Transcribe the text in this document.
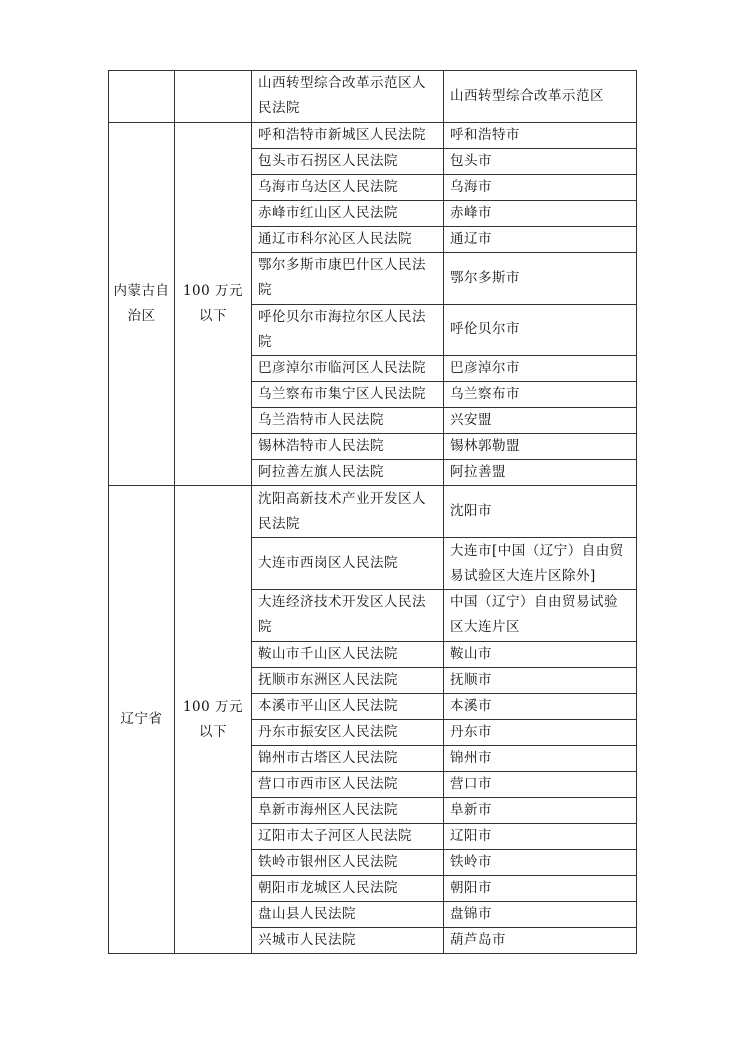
		山西转型综合改革示范区人民法院	山西转型综合改革示范区
内蒙古自治区	100 万元以下	呼和浩特市新城区人民法院	呼和浩特市
		包头市石拐区人民法院	包头市
		乌海市乌达区人民法院	乌海市
		赤峰市红山区人民法院	赤峰市
		通辽市科尔沁区人民法院	通辽市
		鄂尔多斯市康巴什区人民法院	鄂尔多斯市
		呼伦贝尔市海拉尔区人民法院	呼伦贝尔市
		巴彦淖尔市临河区人民法院	巴彦淖尔市
		乌兰察布市集宁区人民法院	乌兰察布市
		乌兰浩特市人民法院	兴安盟
		锡林浩特市人民法院	锡林郭勒盟
		阿拉善左旗人民法院	阿拉善盟
辽宁省	100 万元以下	沈阳高新技术产业开发区人民法院	沈阳市
		大连市西岗区人民法院	大连市[中国（辽宁）自由贸易试验区大连片区除外]
		大连经济技术开发区人民法院	中国（辽宁）自由贸易试验区大连片区
		鞍山市千山区人民法院	鞍山市
		抚顺市东洲区人民法院	抚顺市
		本溪市平山区人民法院	本溪市
		丹东市振安区人民法院	丹东市
		锦州市古塔区人民法院	锦州市
		营口市西市区人民法院	营口市
		阜新市海州区人民法院	阜新市
		辽阳市太子河区人民法院	辽阳市
		铁岭市银州区人民法院	铁岭市
		朝阳市龙城区人民法院	朝阳市
		盘山县人民法院	盘锦市
		兴城市人民法院	葫芦岛市
